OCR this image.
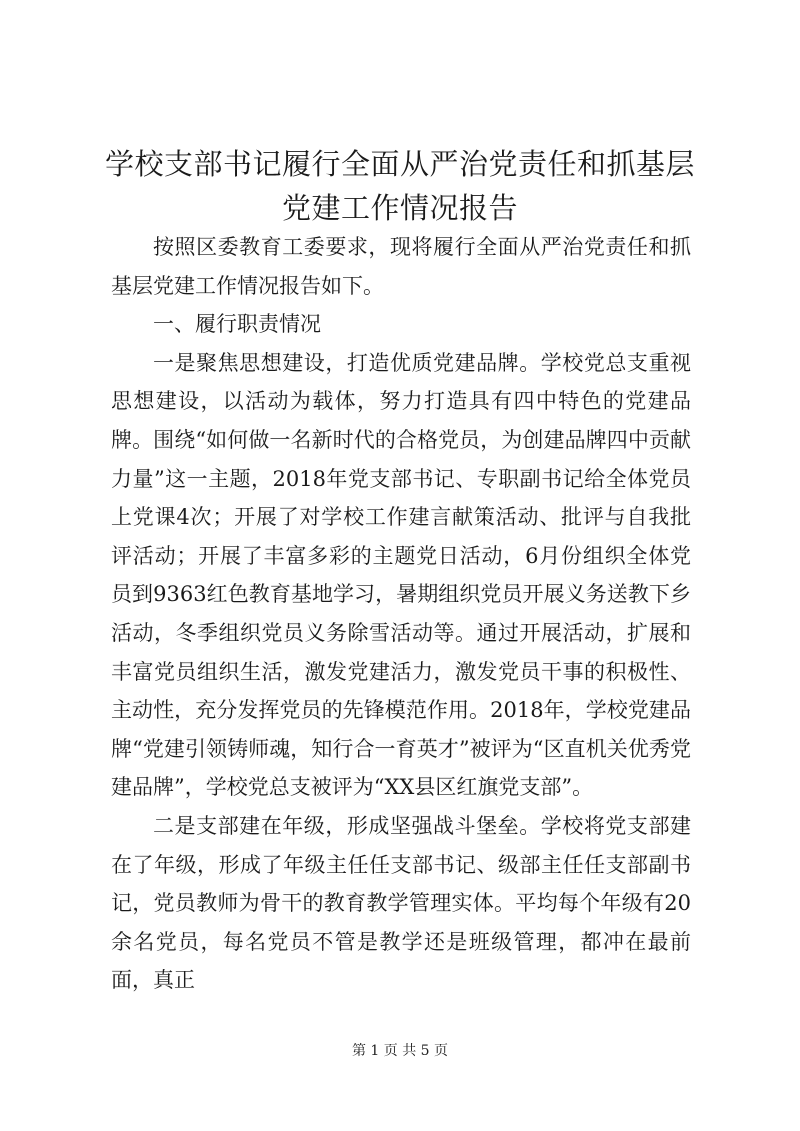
学校支部书记履行全面从严治党责任和抓基层
党建工作情况报告

按照区委教育工委要求，现将履行全面从严治党责任和抓基层党建工作情况报告如下。

一、履行职责情况

一是聚焦思想建设，打造优质党建品牌。学校党总支重视思想建设，以活动为载体，努力打造具有四中特色的党建品牌。围绕“如何做一名新时代的合格党员，为创建品牌四中贡献力量”这一主题，2018年党支部书记、专职副书记给全体党员上党课4次；开展了对学校工作建言献策活动、批评与自我批评活动；开展了丰富多彩的主题党日活动，6月份组织全体党员到9363红色教育基地学习，暑期组织党员开展义务送教下乡活动，冬季组织党员义务除雪活动等。通过开展活动，扩展和丰富党员组织生活，激发党建活力，激发党员干事的积极性、主动性，充分发挥党员的先锋模范作用。2018年，学校党建品牌“党建引领铸师魂，知行合一育英才”被评为“区直机关优秀党建品牌”，学校党总支被评为“XX县区红旗党支部”。

二是支部建在年级，形成坚强战斗堡垒。学校将党支部建在了年级，形成了年级主任任支部书记、级部主任任支部副书记，党员教师为骨干的教育教学管理实体。平均每个年级有20余名党员，每名党员不管是教学还是班级管理，都冲在最前面，真正

第 1 页 共 5 页
